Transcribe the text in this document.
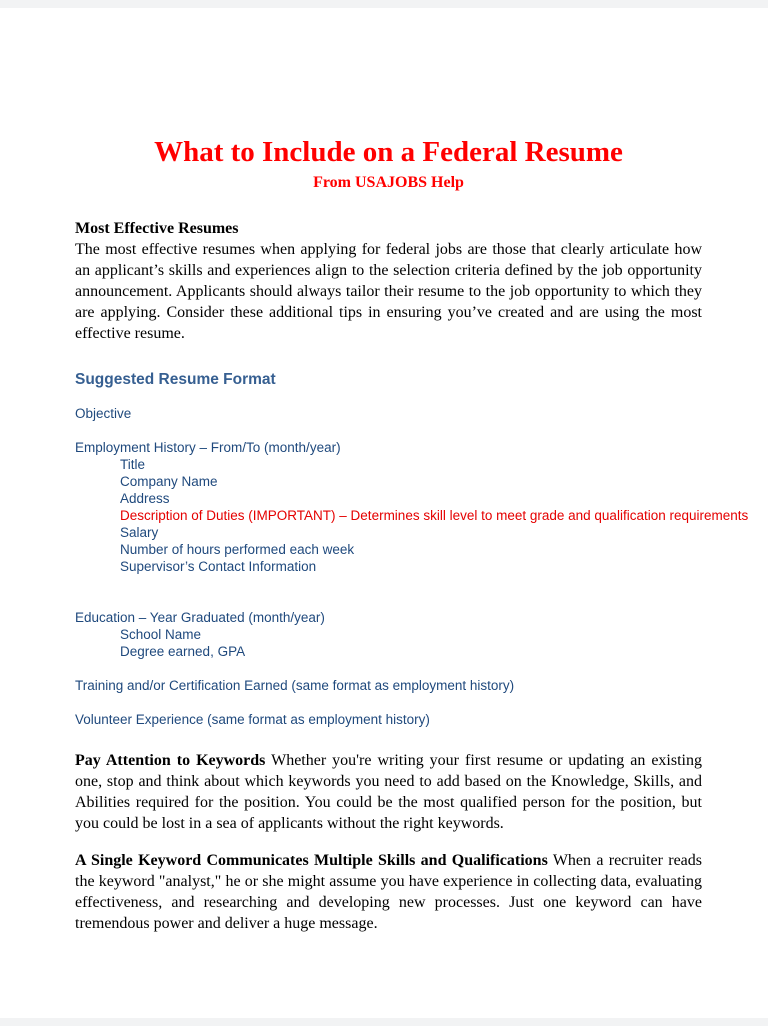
What to Include on a Federal Resume
From USAJOBS Help
Most Effective Resumes

The most effective resumes when applying for federal jobs are those that clearly articulate how an applicant’s skills and experiences align to the selection criteria defined by the job opportunity announcement. Applicants should always tailor their resume to the job opportunity to which they are applying. Consider these additional tips in ensuring you’ve created and are using the most effective resume.

Suggested Resume Format
Objective
Employment History – From/To (month/year)
Title
Company Name
Address
Description of Duties (IMPORTANT) – Determines skill level to meet grade and qualification requirements
Salary
Number of hours performed each week
Supervisor’s Contact Information
Education – Year Graduated (month/year)
School Name
Degree earned, GPA
Training and/or Certification Earned (same format as employment history)
Volunteer Experience (same format as employment history)

Pay Attention to Keywords Whether you're writing your first resume or updating an existing one, stop and think about which keywords you need to add based on the Knowledge, Skills, and Abilities required for the position. You could be the most qualified person for the position, but you could be lost in a sea of applicants without the right keywords.

A Single Keyword Communicates Multiple Skills and Qualifications When a recruiter reads the keyword "analyst," he or she might assume you have experience in collecting data, evaluating effectiveness, and researching and developing new processes. Just one keyword can have tremendous power and deliver a huge message.
